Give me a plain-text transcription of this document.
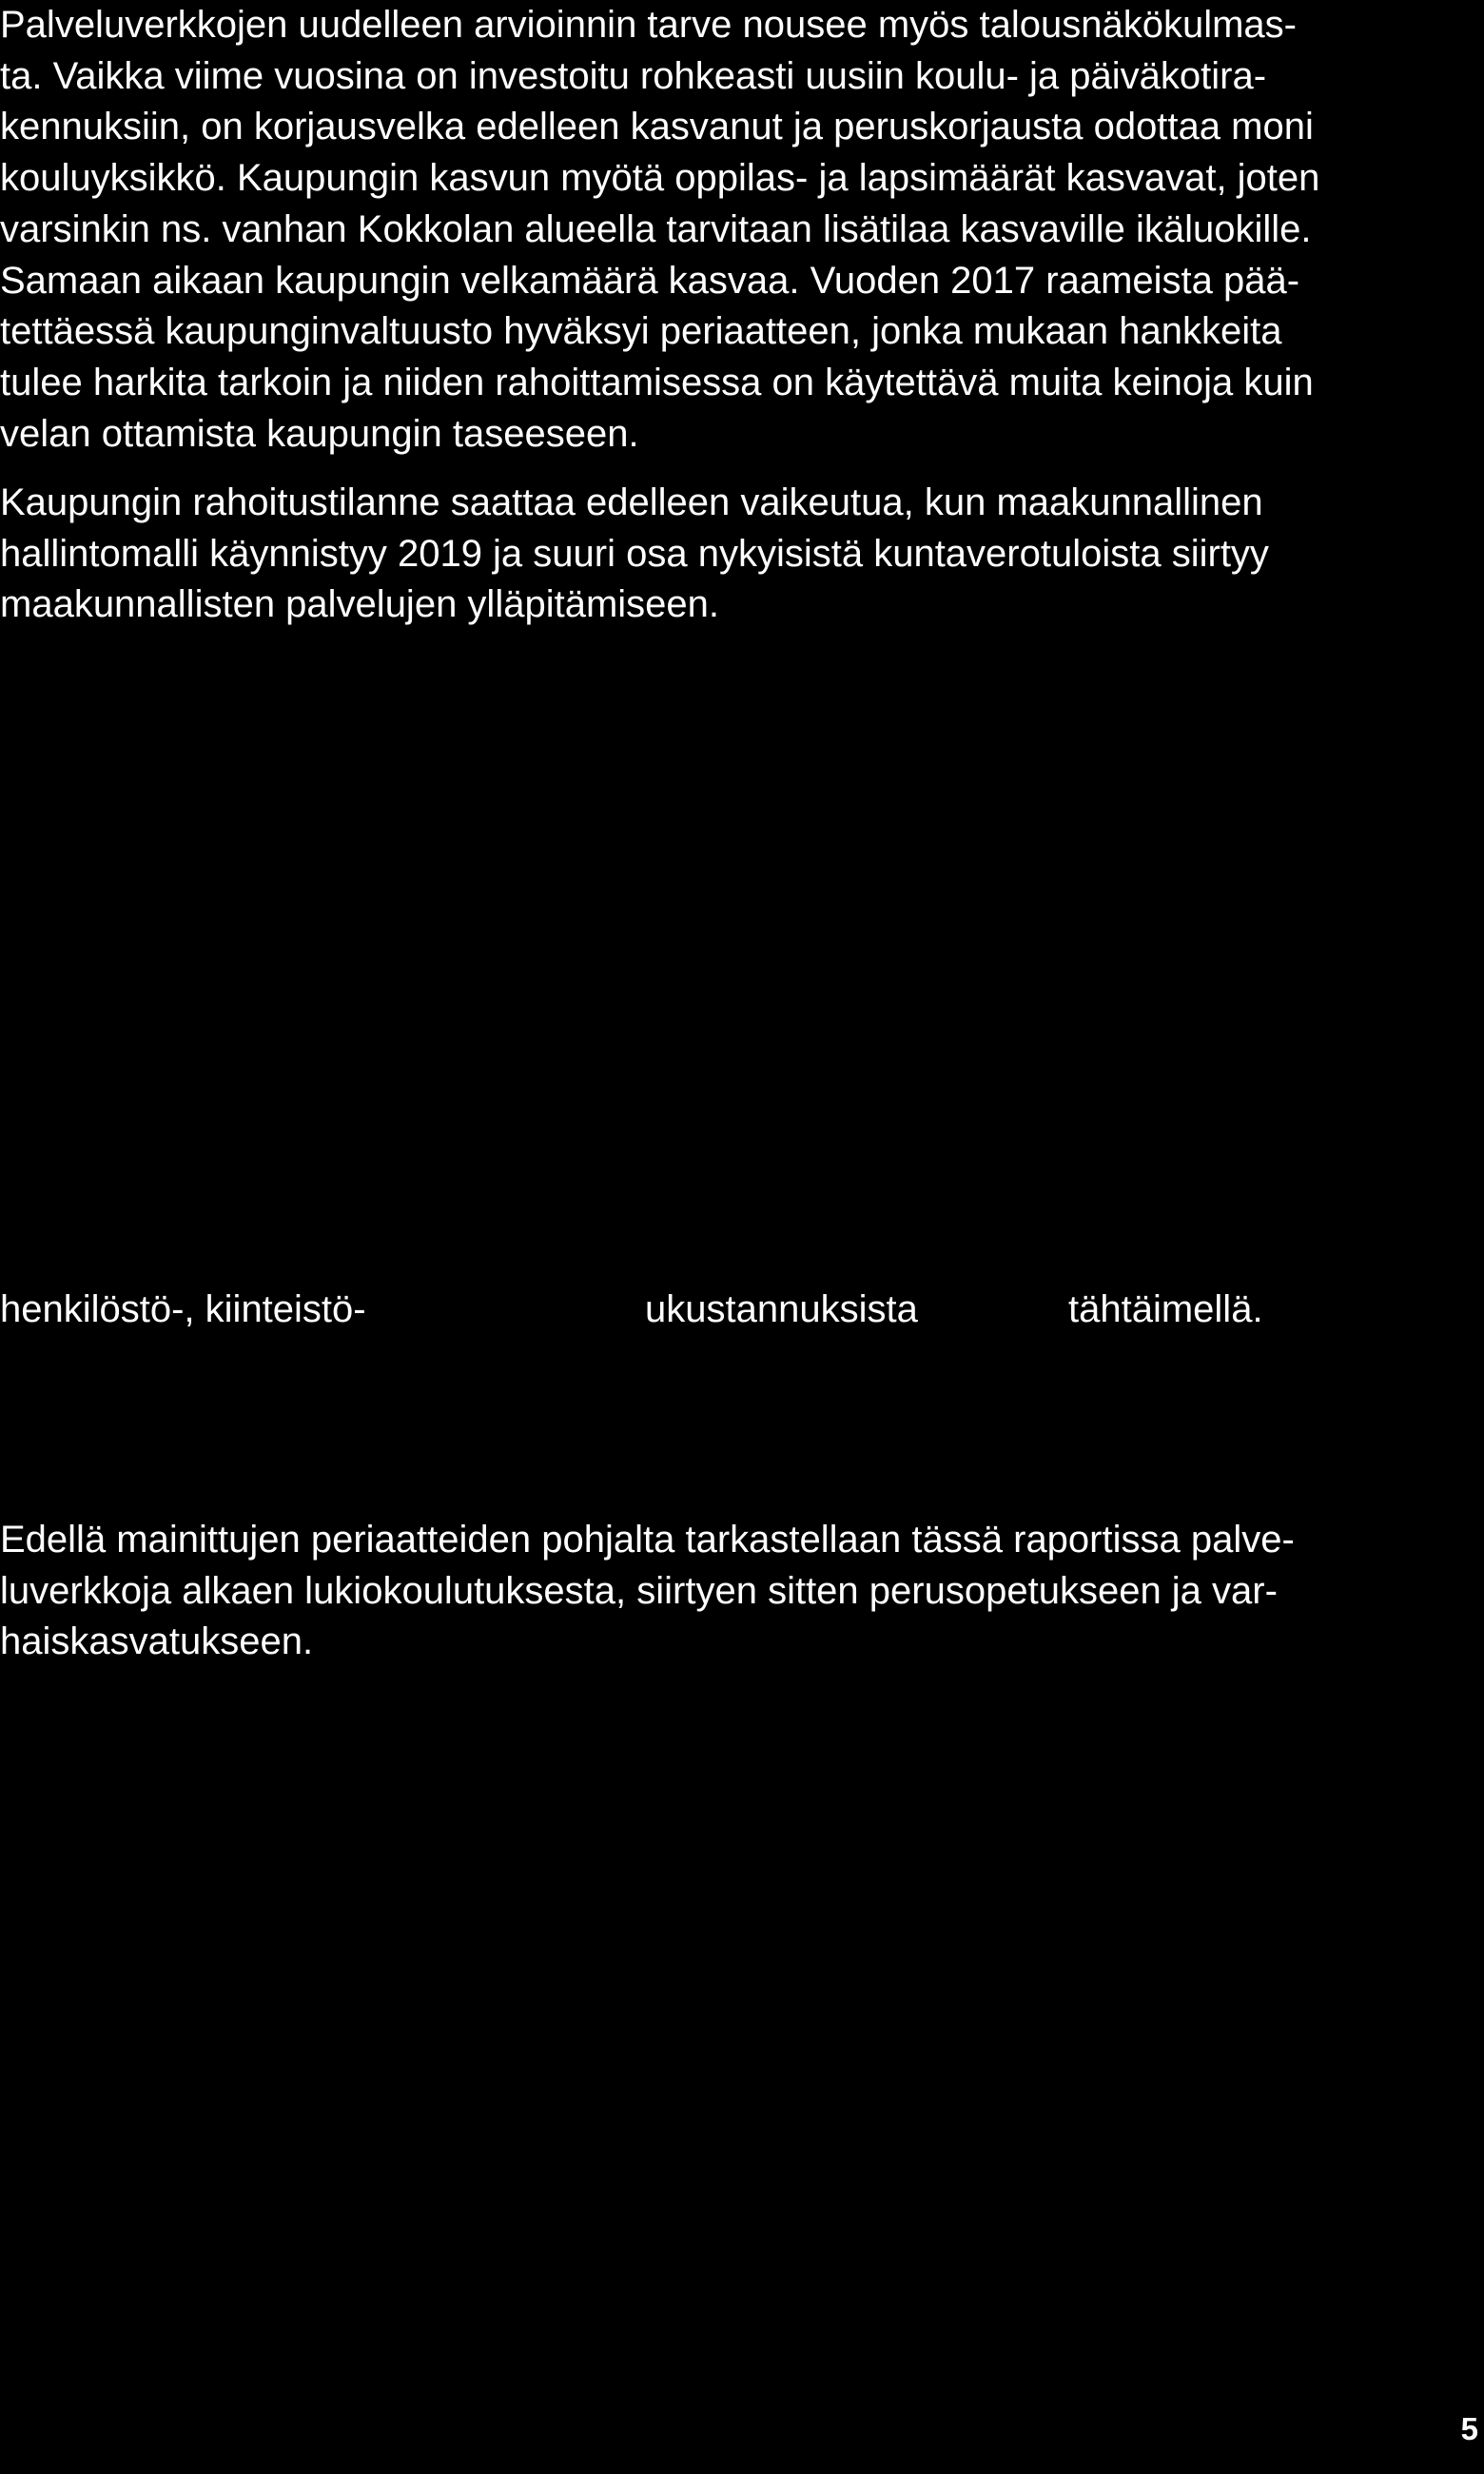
Palveluverkkojen uudelleen arvioinnin tarve nousee myös talousnäkökulmas-
ta. Vaikka viime vuosina on investoitu rohkeasti uusiin koulu- ja päiväkotira-
kennuksiin, on korjausvelka edelleen kasvanut ja peruskorjausta odottaa moni
kouluyksikkö. Kaupungin kasvun myötä oppilas- ja lapsimäärät kasvavat, joten
varsinkin ns. vanhan Kokkolan alueella tarvitaan lisätilaa kasvaville ikäluokille.
Samaan aikaan kaupungin velkamäärä kasvaa. Vuoden 2017 raameista pää-
tettäessä kaupunginvaltuusto hyväksyi periaatteen, jonka mukaan hankkeita
tulee harkita tarkoin ja niiden rahoittamisessa on käytettävä muita keinoja kuin
velan ottamista kaupungin taseeseen.

Kaupungin rahoitustilanne saattaa edelleen vaikeutua, kun maakunnallinen
hallintomalli käynnistyy 2019 ja suuri osa nykyisistä kuntaverotuloista siirtyy
maakunnallisten palvelujen ylläpitämiseen.

henkilöstö-, kiinteistö-	ukustannuksista	tähtäimellä.

Edellä mainittujen periaatteiden pohjalta tarkastellaan tässä raportissa palve-
luverkkoja alkaen lukiokoulutuksesta, siirtyen sitten perusopetukseen ja var-
haiskasvatukseen.

5
